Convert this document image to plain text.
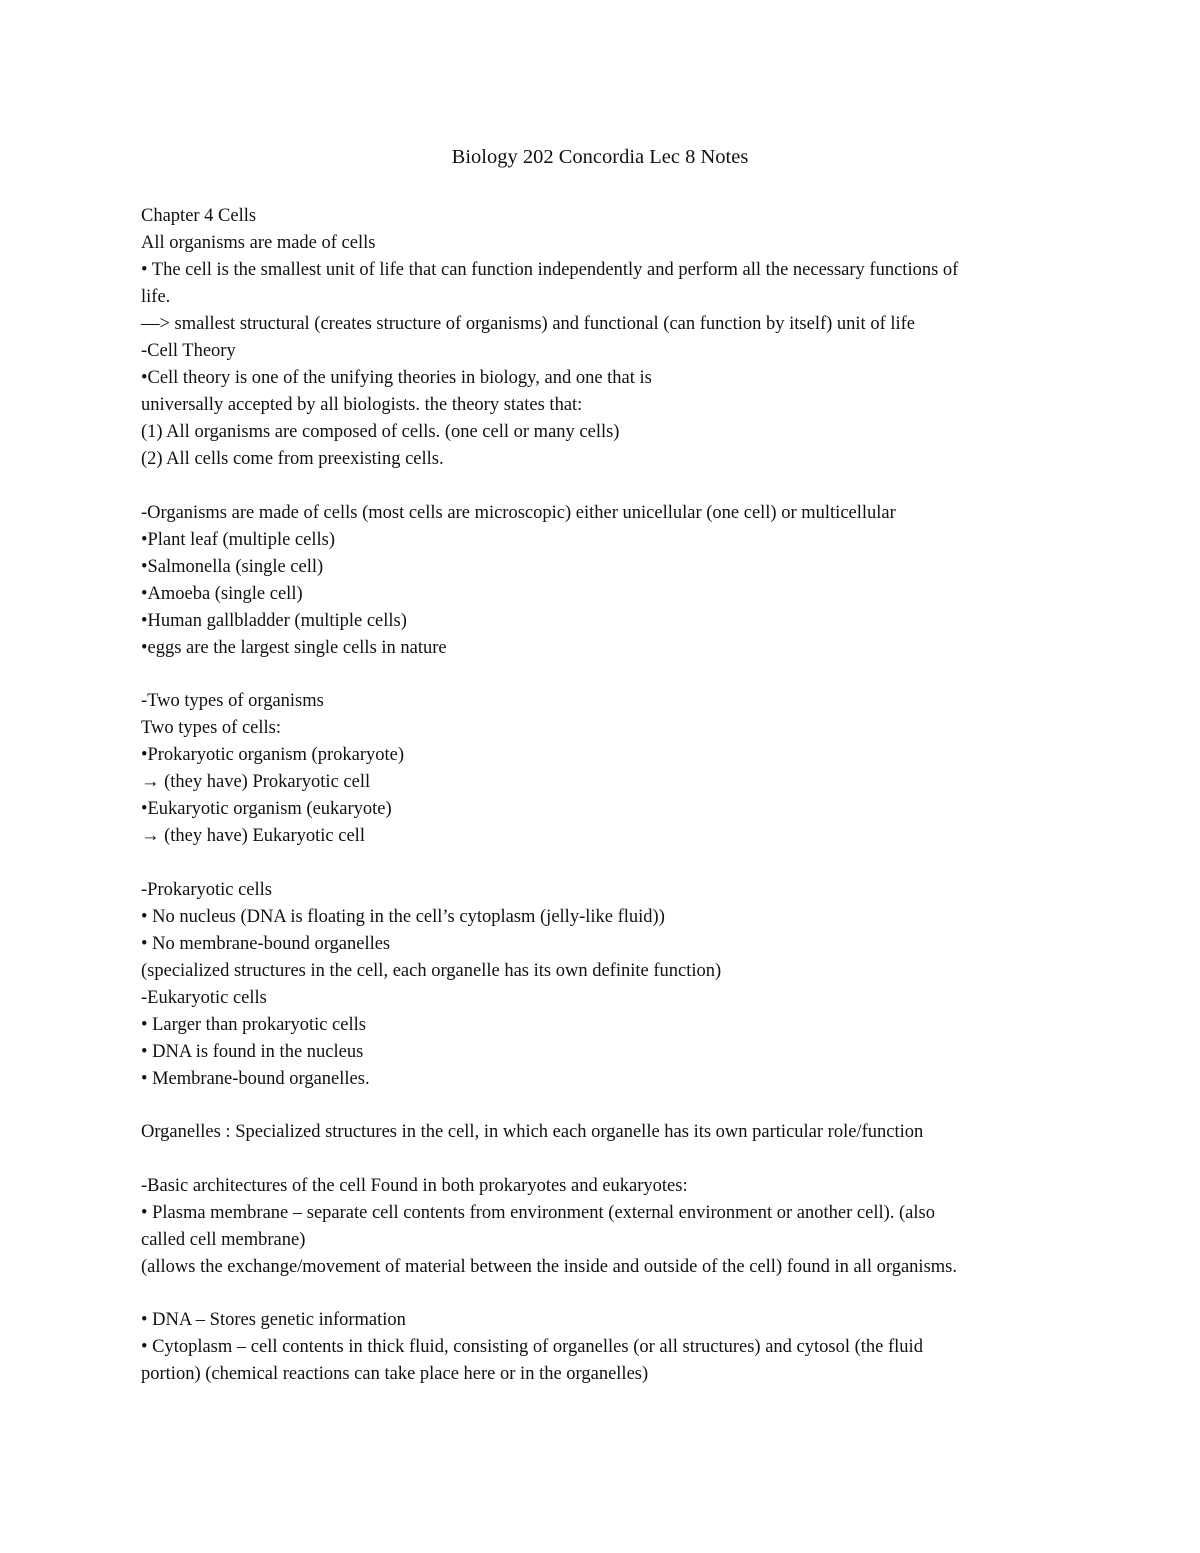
Biology 202 Concordia Lec 8 Notes
Chapter 4 Cells
All organisms are made of cells
• The cell is the smallest unit of life that can function independently and perform all the necessary functions of
life.
—> smallest structural (creates structure of organisms) and functional (can function by itself) unit of life
-Cell Theory
•Cell theory is one of the unifying theories in biology, and one that is
universally accepted by all biologists. the theory states that:
(1) All organisms are composed of cells. (one cell or many cells)
(2) All cells come from preexisting cells.
-Organisms are made of cells (most cells are microscopic) either unicellular (one cell) or multicellular
•Plant leaf (multiple cells)
•Salmonella (single cell)
•Amoeba (single cell)
•Human gallbladder (multiple cells)
•eggs are the largest single cells in nature
-Two types of organisms
Two types of cells:
•Prokaryotic organism (prokaryote)
→ (they have) Prokaryotic cell
•Eukaryotic organism (eukaryote)
→ (they have) Eukaryotic cell
-Prokaryotic cells
• No nucleus (DNA is floating in the cell’s cytoplasm (jelly-like fluid))
• No membrane-bound organelles
(specialized structures in the cell, each organelle has its own definite function)
-Eukaryotic cells
• Larger than prokaryotic cells
• DNA is found in the nucleus
• Membrane-bound organelles.
Organelles : Specialized structures in the cell, in which each organelle has its own particular role/function
-Basic architectures of the cell Found in both prokaryotes and eukaryotes:
• Plasma membrane – separate cell contents from environment (external environment or another cell). (also
called cell membrane)
(allows the exchange/movement of material between the inside and outside of the cell) found in all organisms.
• DNA – Stores genetic information
• Cytoplasm – cell contents in thick fluid, consisting of organelles (or all structures) and cytosol (the fluid
portion) (chemical reactions can take place here or in the organelles)
